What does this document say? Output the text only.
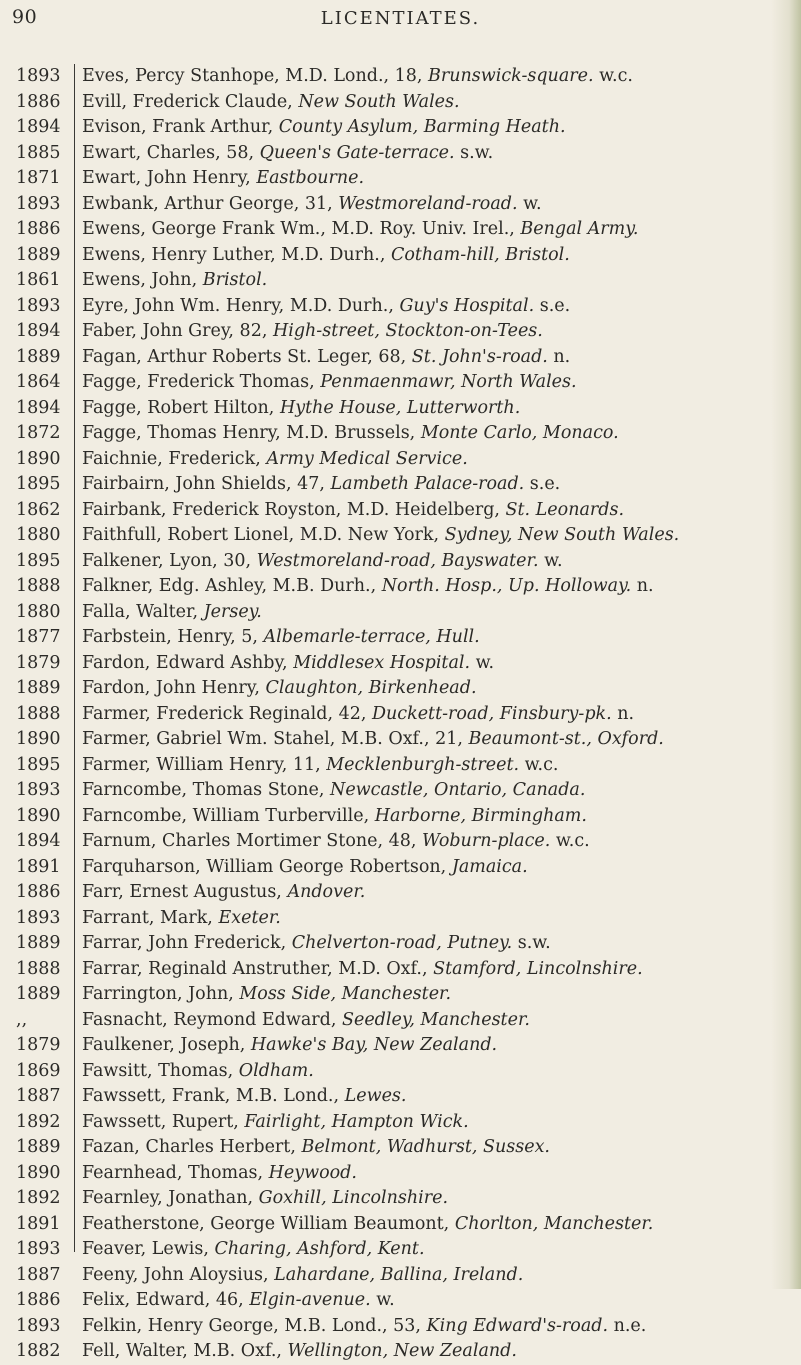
90	LICENTIATES.
1893	Eves, Percy Stanhope, M.D. Lond., 18, Brunswick-square. w.c.
1886	Evill, Frederick Claude, New South Wales.
1894	Evison, Frank Arthur, County Asylum, Barming Heath.
1885	Ewart, Charles, 58, Queen's Gate-terrace. s.w.
1871	Ewart, John Henry, Eastbourne.
1893	Ewbank, Arthur George, 31, Westmoreland-road. w.
1886	Ewens, George Frank Wm., M.D. Roy. Univ. Irel., Bengal Army.
1889	Ewens, Henry Luther, M.D. Durh., Cotham-hill, Bristol.
1861	Ewens, John, Bristol.
1893	Eyre, John Wm. Henry, M.D. Durh., Guy's Hospital. s.e.
1894	Faber, John Grey, 82, High-street, Stockton-on-Tees.
1889	Fagan, Arthur Roberts St. Leger, 68, St. John's-road. n.
1864	Fagge, Frederick Thomas, Penmaenmawr, North Wales.
1894	Fagge, Robert Hilton, Hythe House, Lutterworth.
1872	Fagge, Thomas Henry, M.D. Brussels, Monte Carlo, Monaco.
1890	Faichnie, Frederick, Army Medical Service.
1895	Fairbairn, John Shields, 47, Lambeth Palace-road. s.e.
1862	Fairbank, Frederick Royston, M.D. Heidelberg, St. Leonards.
1880	Faithfull, Robert Lionel, M.D. New York, Sydney, New South Wales.
1895	Falkener, Lyon, 30, Westmoreland-road, Bayswater. w.
1888	Falkner, Edg. Ashley, M.B. Durh., North. Hosp., Up. Holloway. n.
1880	Falla, Walter, Jersey.
1877	Farbstein, Henry, 5, Albemarle-terrace, Hull.
1879	Fardon, Edward Ashby, Middlesex Hospital. w.
1889	Fardon, John Henry, Claughton, Birkenhead.
1888	Farmer, Frederick Reginald, 42, Duckett-road, Finsbury-pk. n.
1890	Farmer, Gabriel Wm. Stahel, M.B. Oxf., 21, Beaumont-st., Oxford.
1895	Farmer, William Henry, 11, Mecklenburgh-street. w.c.
1893	Farncombe, Thomas Stone, Newcastle, Ontario, Canada.
1890	Farncombe, William Turberville, Harborne, Birmingham.
1894	Farnum, Charles Mortimer Stone, 48, Woburn-place. w.c.
1891	Farquharson, William George Robertson, Jamaica.
1886	Farr, Ernest Augustus, Andover.
1893	Farrant, Mark, Exeter.
1889	Farrar, John Frederick, Chelverton-road, Putney. s.w.
1888	Farrar, Reginald Anstruther, M.D. Oxf., Stamford, Lincolnshire.
1889	Farrington, John, Moss Side, Manchester.
,,	Fasnacht, Reymond Edward, Seedley, Manchester.
1879	Faulkener, Joseph, Hawke's Bay, New Zealand.
1869	Fawsitt, Thomas, Oldham.
1887	Fawssett, Frank, M.B. Lond., Lewes.
1892	Fawssett, Rupert, Fairlight, Hampton Wick.
1889	Fazan, Charles Herbert, Belmont, Wadhurst, Sussex.
1890	Fearnhead, Thomas, Heywood.
1892	Fearnley, Jonathan, Goxhill, Lincolnshire.
1891	Featherstone, George William Beaumont, Chorlton, Manchester.
1893	Feaver, Lewis, Charing, Ashford, Kent.
1887	Feeny, John Aloysius, Lahardane, Ballina, Ireland.
1886	Felix, Edward, 46, Elgin-avenue. w.
1893	Felkin, Henry George, M.B. Lond., 53, King Edward's-road. n.e.
1882	Fell, Walter, M.B. Oxf., Wellington, New Zealand.
